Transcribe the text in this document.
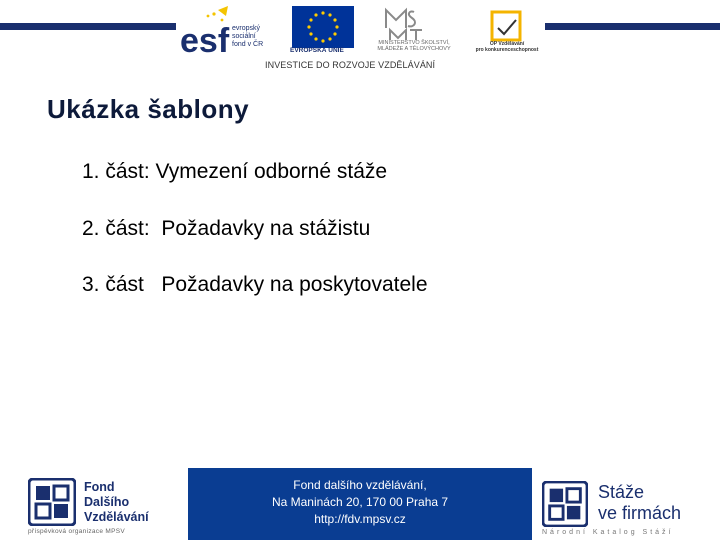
esf evropský
sociální
fond v ČR
EVROPSKÁ UNIE
MINISTERSTVO ŠKOLSTVÍ,
MLÁDEŽE A TĚLOVÝCHOVY
OP Vzdělávání
pro konkurenceschopnost
INVESTICE DO ROZVOJE VZDĚLÁVÁNÍ
Ukázka šablony
1. část: Vymezení odborné stáže
2. část:  Požadavky na stážistu
3. část   Požadavky na poskytovatele
Fond
Dalšího
Vzdělávání
příspěvková organizace MPSV
Fond dalšího vzdělávání,
Na Maninách 20, 170 00 Praha 7
http://fdv.mpsv.cz
Stáže
ve firmách
Národní Katalog Stáží
